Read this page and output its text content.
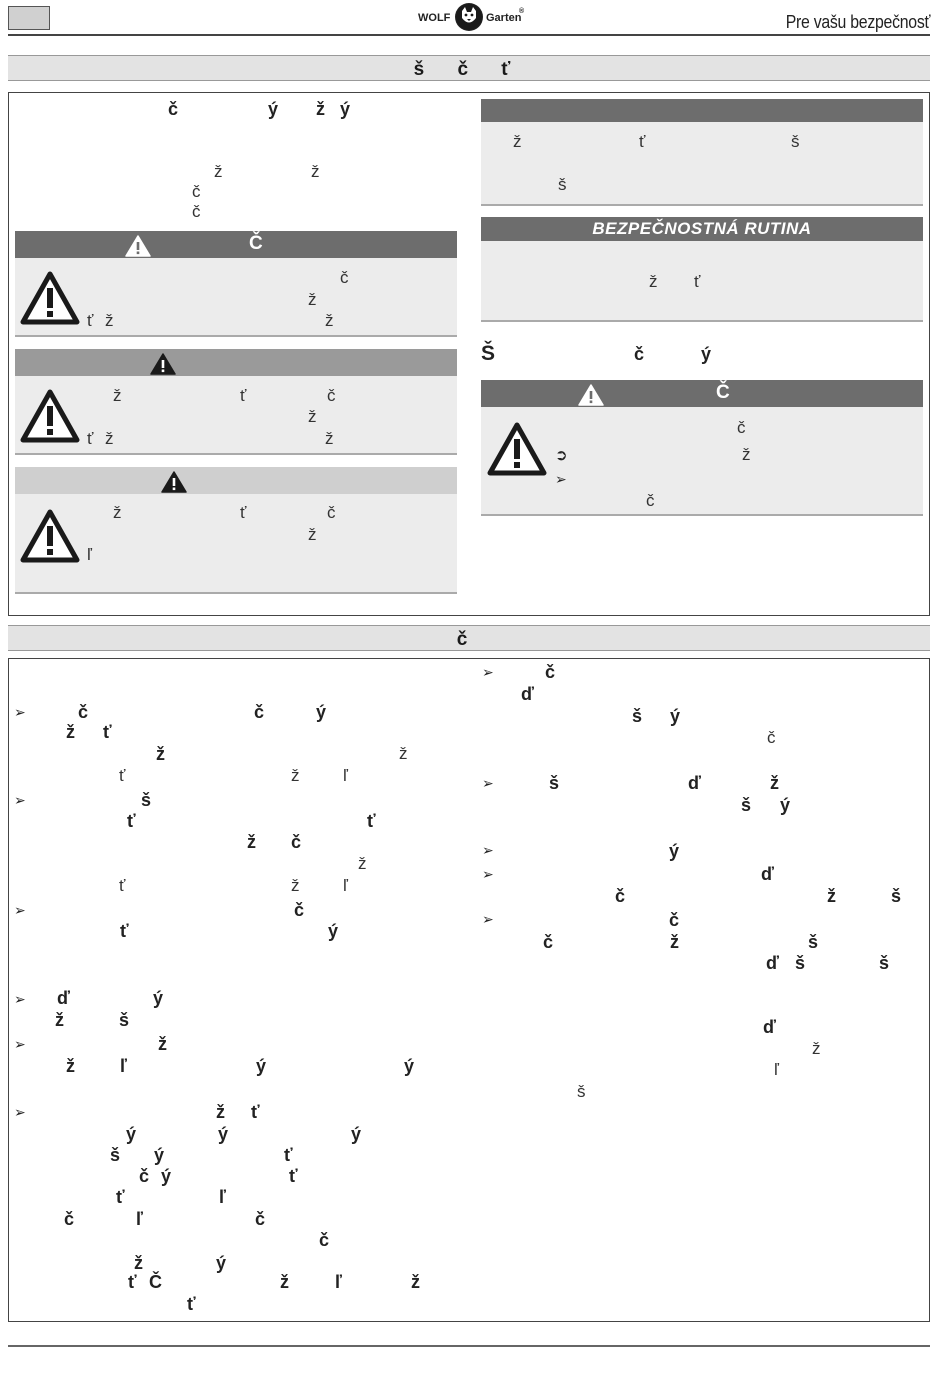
WOLF	Garten
®
Pre vašu bezpečnosť
š č ť
č	ý ž ý
ž	ž
č
č
Č
č
ž
ť ž	ž
ž	ť	č
ž
ť ž	ž
ž	ť	č
ž
ľ
ž	ť	š
š
BEZPEČNOSTNÁ RUTINA
ž ť
Š	č	ý
Č
č
➲	ž
➢
č
č
➢
➢
➢
➢
➢
➢
č	č	ý
ž ť
ž
š
ť	ť
ž č
č
ť	ý
ď	ý
ž	š
ž
ž	ľ	ý	ý
ž ť
ý	ý	ý
š ý	ť
č ý	ť
ť	ľ
č	ľ	č
č
ž	ý
ť Č	ž	ľ	ž
ť
ž
ť	ž	ľ
ž
ť	ž	ľ
➢
➢
➢
➢
➢
č
ď
š ý
š	ď	ž
š ý
ý
ď
č	ž	š
č
č	ž	š
ď š	š
ď
č
ž
ľ
š
